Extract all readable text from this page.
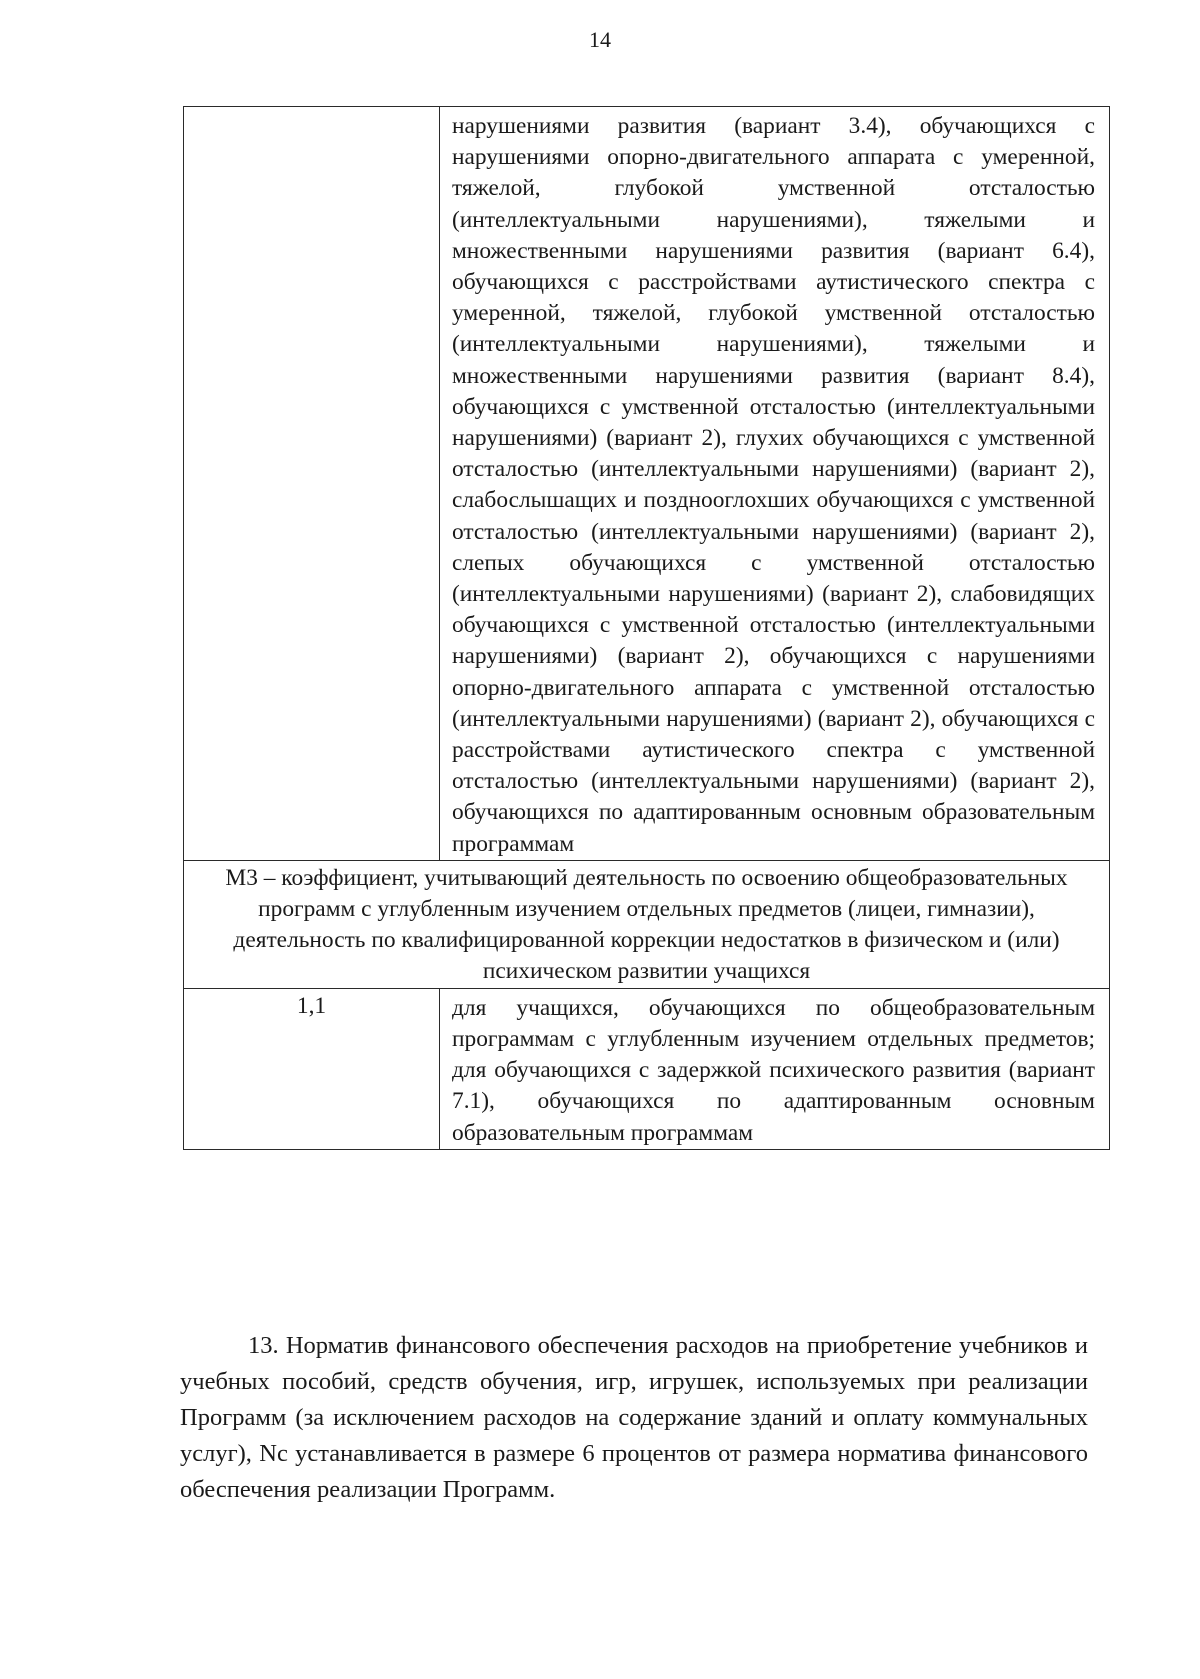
14

	нарушениями развития (вариант 3.4), обучающихся с нарушениями опорно-двигательного аппарата с умеренной, тяжелой, глубокой умственной отсталостью (интеллектуальными нарушениями), тяжелыми и множественными нарушениями развития (вариант 6.4), обучающихся с расстройствами аутистического спектра с умеренной, тяжелой, глубокой умственной отсталостью (интеллектуальными нарушениями), тяжелыми и множественными нарушениями развития (вариант 8.4), обучающихся с умственной отсталостью (интеллектуальными нарушениями) (вариант 2), глухих обучающихся с умственной отсталостью (интеллектуальными нарушениями) (вариант 2), слабослышащих и позднооглохших обучающихся с умственной отсталостью (интеллектуальными нарушениями) (вариант 2), слепых обучающихся с умственной отсталостью (интеллектуальными нарушениями) (вариант 2), слабовидящих обучающихся с умственной отсталостью (интеллектуальными нарушениями) (вариант 2), обучающихся с нарушениями опорно-двигательного аппарата с умственной отсталостью (интеллектуальными нарушениями) (вариант 2), обучающихся с расстройствами аутистического спектра с умственной отсталостью (интеллектуальными нарушениями) (вариант 2), обучающихся по адаптированным основным образовательным программам

М3 – коэффициент, учитывающий деятельность по освоению общеобразовательных программ с углубленным изучением отдельных предметов (лицеи, гимназии), деятельность по квалифицированной коррекции недостатков в физическом и (или) психическом развитии учащихся	
1,1	для учащихся, обучающихся по общеобразовательным программам с углубленным изучением отдельных предметов; для обучающихся с задержкой психического развития (вариант 7.1), обучающихся по адаптированным основным образовательным программам

13. Норматив финансового обеспечения расходов на приобретение учебников и учебных пособий, средств обучения, игр, игрушек, используемых при реализации Программ (за исключением расходов на содержание зданий и оплату коммунальных услуг), Nс устанавливается в размере 6 процентов от размера норматива финансового обеспечения реализации Программ.
